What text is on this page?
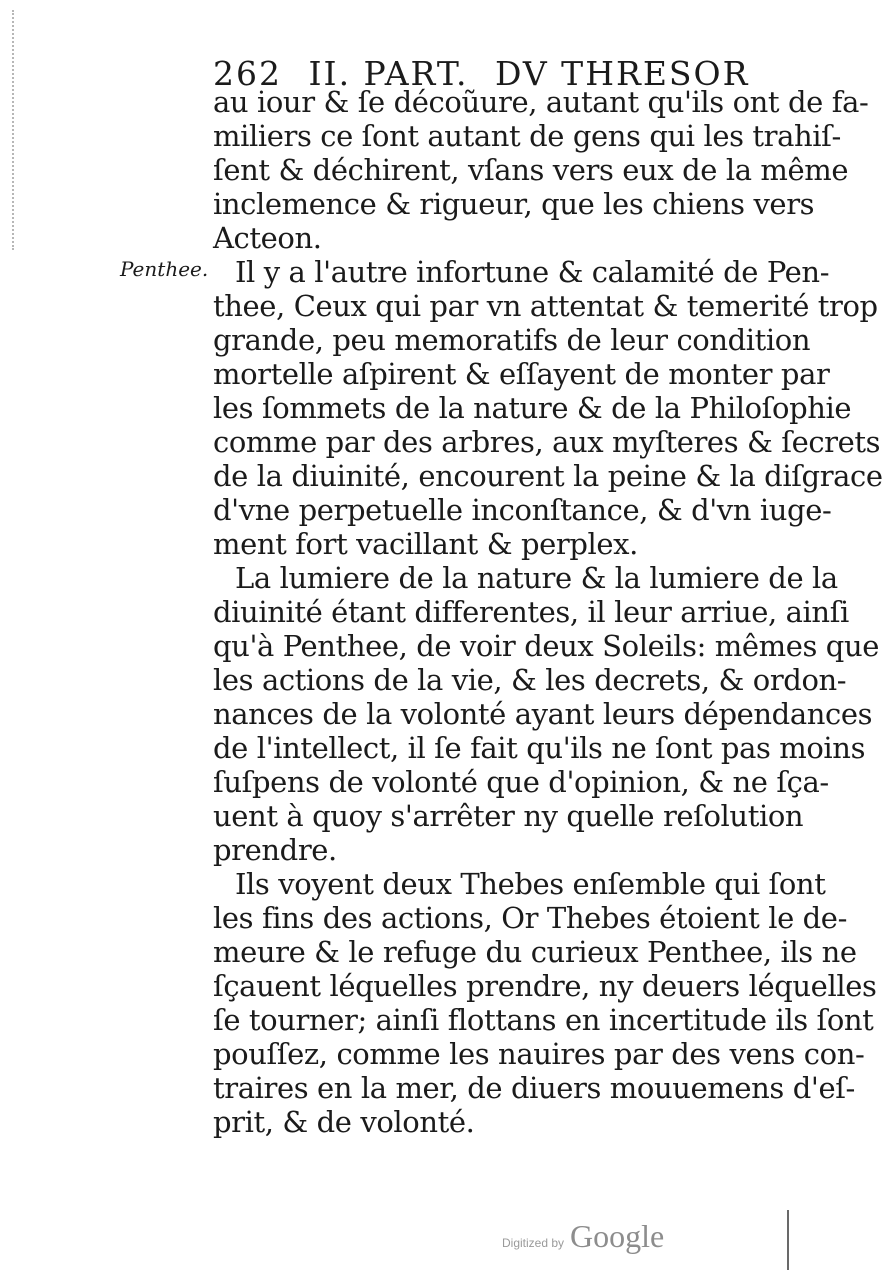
262 II. PART. DV THRESOR
Penthee.
au iour & ſe décoũure, autant qu'ils ont de fa-
miliers ce ſont autant de gens qui les trahiſ-
ſent & déchirent, vſans vers eux de la même
inclemence & rigueur, que les chiens vers
Acteon.
Il y a l'autre infortune & calamité de Pen-
thee, Ceux qui par vn attentat & temerité trop
grande, peu memoratifs de leur condition
mortelle aſpirent & eſſayent de monter par
les ſommets de la nature & de la Philoſophie
comme par des arbres, aux myſteres & ſecrets
de la diuinité, encourent la peine & la diſgrace
d'vne perpetuelle inconſtance, & d'vn iuge-
ment fort vacillant & perplex.
La lumiere de la nature & la lumiere de la
diuinité étant differentes, il leur arriue, ainſi
qu'à Penthee, de voir deux Soleils: mêmes que
les actions de la vie, & les decrets, & ordon-
nances de la volonté ayant leurs dépendances
de l'intellect, il ſe fait qu'ils ne ſont pas moins
ſuſpens de volonté que d'opinion, & ne ſça-
uent à quoy s'arrêter ny quelle reſolution
prendre.
Ils voyent deux Thebes enſemble qui ſont
les fins des actions, Or Thebes étoient le de-
meure & le refuge du curieux Penthee, ils ne
ſçauent léquelles prendre, ny deuers léquelles
ſe tourner; ainſi flottans en incertitude ils ſont
pouſſez, comme les nauires par des vens con-
traires en la mer, de diuers mouuemens d'eſ-
prit, & de volonté.
Digitized by Google
